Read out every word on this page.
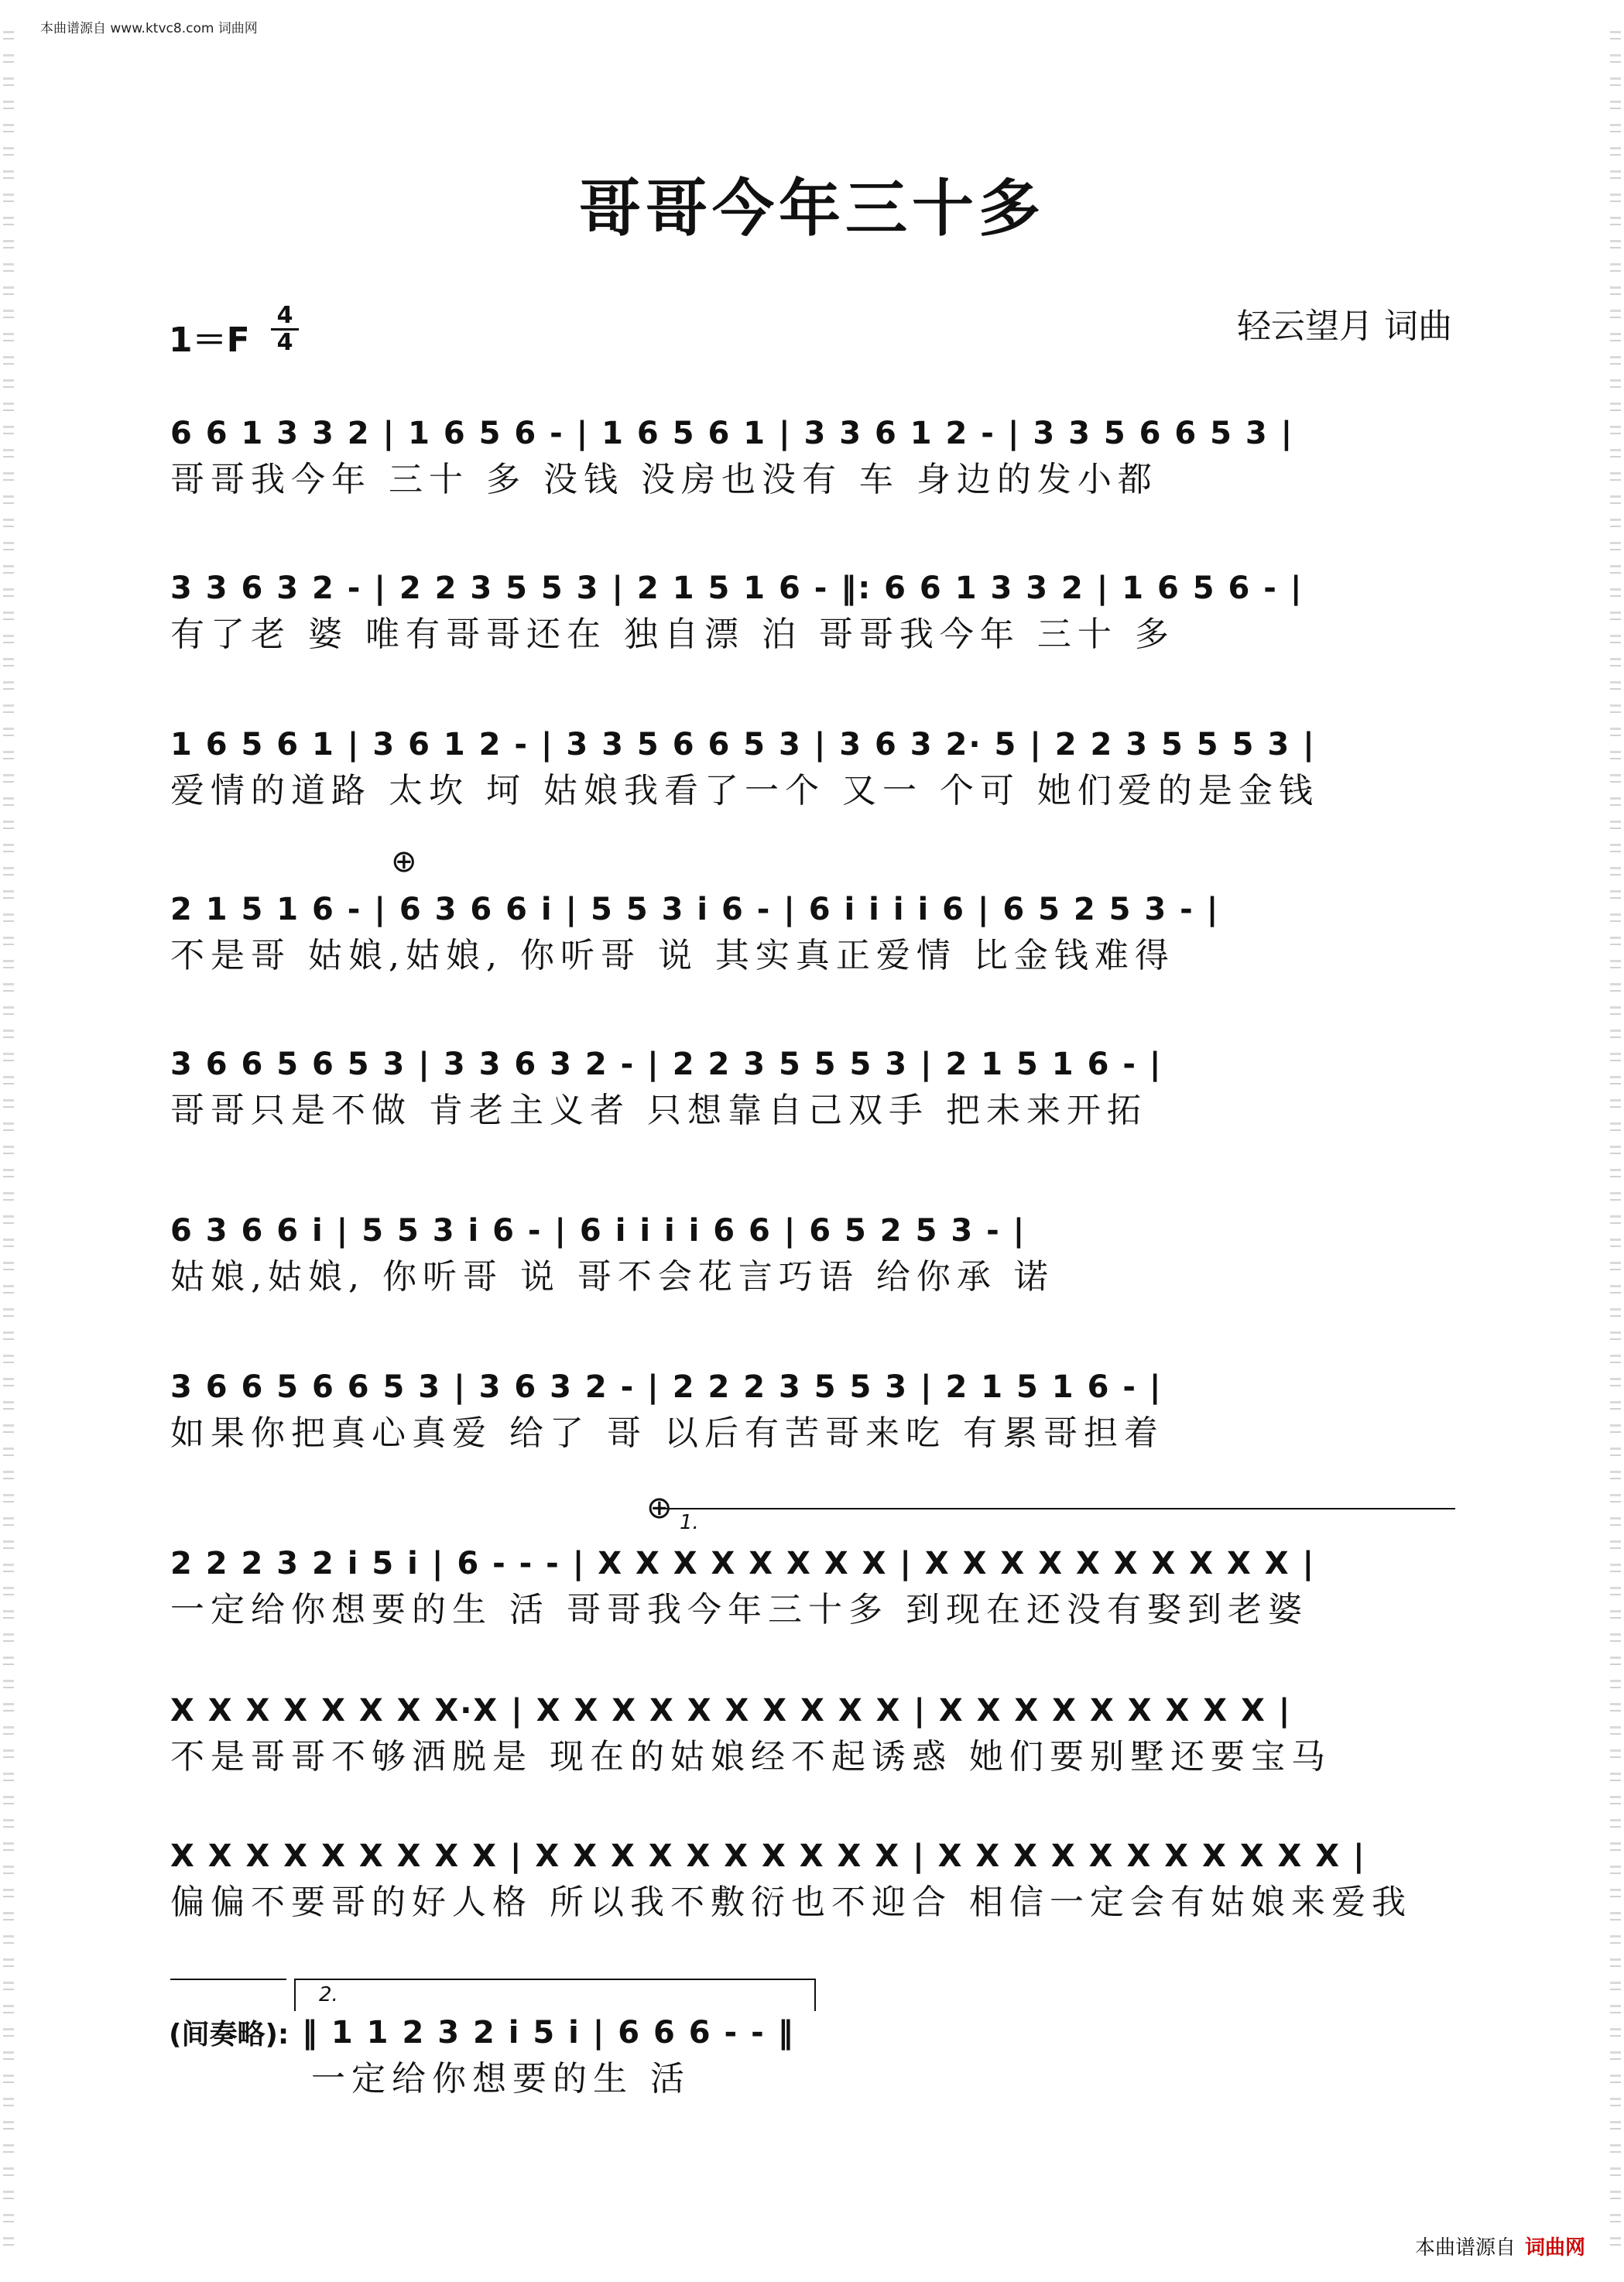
本曲谱源自 www.ktvc8.com 词曲网
哥哥今年三十多
1＝F
4
4	轻云望月 词曲
6 6 1 3 3 2 | 1 6 5 6 - | 1 6 5 6 1 | 3 3 6 1 2 - | 3 3 5 6 6 5 3 |
哥哥我今年 三十 多 没钱 没房也没有 车 身边的发小都
3 3 6 3 2 - | 2 2 3 5 5 3 | 2 1 5 1 6 - ‖: 6 6 1 3 3 2 | 1 6 5 6 - |
有了老 婆 唯有哥哥还在 独自漂 泊 哥哥我今年 三十 多
1 6 5 6 1 | 3 6 1 2 - | 3 3 5 6 6 5 3 | 3 6 3 2· 5 | 2 2 3 5 5 5 3 |
爱情的道路 太坎 坷 姑娘我看了一个 又一 个可 她们爱的是金钱
⊕
2 1 5 1 6 - | 6 3 6 6 i | 5 5 3 i 6 - | 6 i i i i 6 | 6 5 2 5 3 - |
不是哥 姑娘,姑娘, 你听哥 说 其实真正爱情 比金钱难得
3 6 6 5 6 5 3 | 3 3 6 3 2 - | 2 2 3 5 5 5 3 | 2 1 5 1 6 - |
哥哥只是不做 肯老主义者 只想靠自己双手 把未来开拓
6 3 6 6 i | 5 5 3 i 6 - | 6 i i i i 6 6 | 6 5 2 5 3 - |
姑娘,姑娘, 你听哥 说 哥不会花言巧语 给你承 诺
3 6 6 5 6 6 5 3 | 3 6 3 2 - | 2 2 2 3 5 5 3 | 2 1 5 1 6 - |
如果你把真心真爱 给了 哥 以后有苦哥来吃 有累哥担着
⊕ 1.
2 2 2 3 2 i 5 i | 6 - - - | X X X X X X X X | X X X X X X X X X X |
一定给你想要的生 活 哥哥我今年三十多 到现在还没有娶到老婆
X X X X X X X X·X | X X X X X X X X X X | X X X X X X X X X |
不是哥哥不够洒脱是 现在的姑娘经不起诱惑 她们要别墅还要宝马
X X X X X X X X X | X X X X X X X X X X | X X X X X X X X X X X |
偏偏不要哥的好人格 所以我不敷衍也不迎合 相信一定会有姑娘来爱我
2.
(间奏略): ‖ 1 1 2 3 2 i 5 i | 6 6 6 - - ‖
一定给你想要的生 活
本曲谱源自 词曲网
